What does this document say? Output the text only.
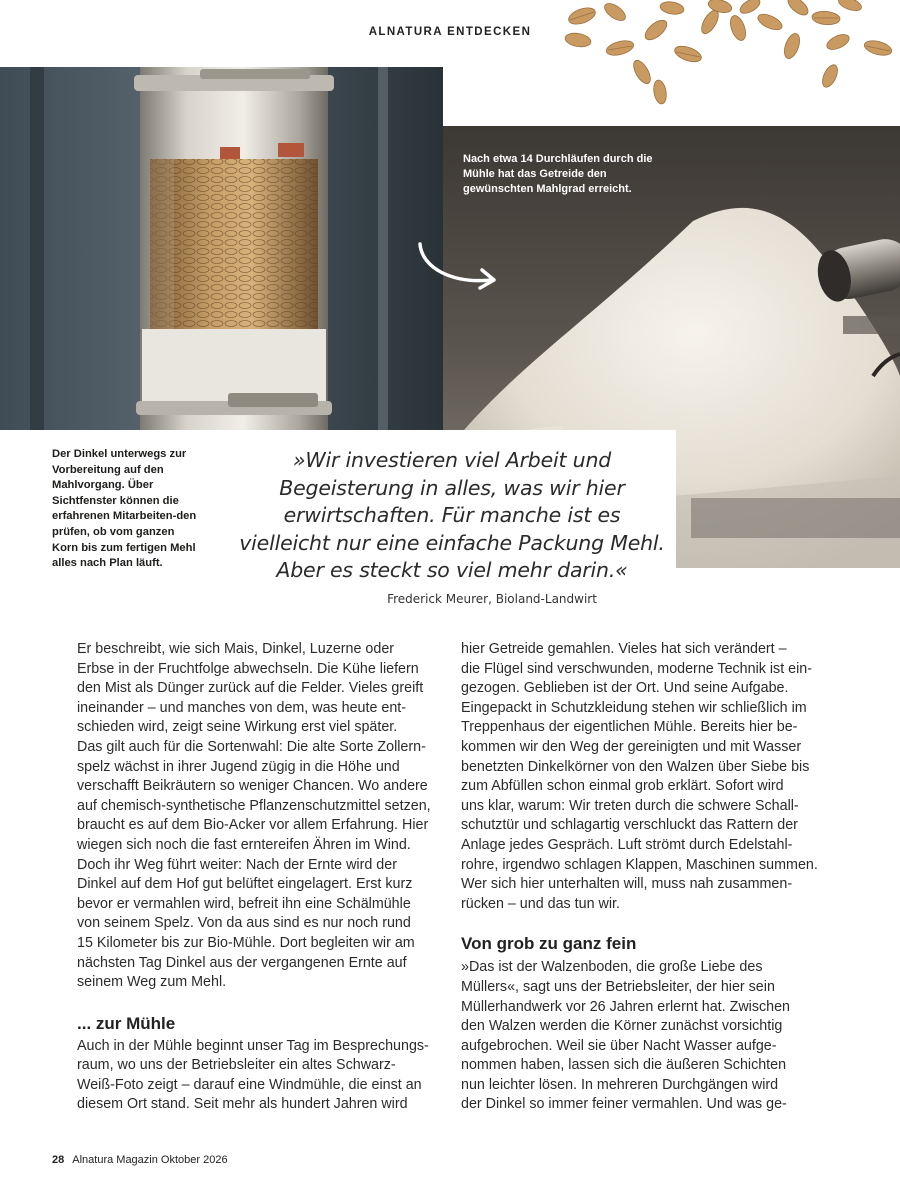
ALNATURA ENTDECKEN
Nach etwa 14 Durchläufen durch die Mühle hat das Getreide den gewünschten Mahlgrad erreicht.
Der Dinkel unterwegs zur Vorbereitung auf den Mahlvorgang. Über Sichtfenster können die erfahrenen Mitarbeiten-den prüfen, ob vom ganzen Korn bis zum fertigen Mehl alles nach Plan läuft.
»Wir investieren viel Arbeit und
Begeisterung in alles, was wir hier
erwirtschaften. Für manche ist es
vielleicht nur eine einfache Packung Mehl.
Aber es steckt so viel mehr darin.«
Frederick Meurer, Bioland-Landwirt

Er beschreibt, wie sich Mais, Dinkel, Luzerne oder

Erbse in der Fruchtfolge abwechseln. Die Kühe liefern

den Mist als Dünger zurück auf die Felder. Vieles greift

ineinander – und manches von dem, was heute ent-

schieden wird, zeigt seine Wirkung erst viel später.

Das gilt auch für die Sortenwahl: Die alte Sorte Zollern-

spelz wächst in ihrer Jugend zügig in die Höhe und

verschafft Beikräutern so weniger Chancen. Wo andere

auf chemisch-synthetische Pflanzenschutzmittel setzen,

braucht es auf dem Bio-Acker vor allem Erfahrung. Hier

wiegen sich noch die fast erntereifen Ähren im Wind.

Doch ihr Weg führt weiter: Nach der Ernte wird der

Dinkel auf dem Hof gut belüftet eingelagert. Erst kurz

bevor er vermahlen wird, befreit ihn eine Schälmühle

von seinem Spelz. Von da aus sind es nur noch rund

15 Kilometer bis zur Bio-Mühle. Dort begleiten wir am

nächsten Tag Dinkel aus der vergangenen Ernte auf

seinem Weg zum Mehl.

... zur Mühle

Auch in der Mühle beginnt unser Tag im Besprechungs-

raum, wo uns der Betriebsleiter ein altes Schwarz-

Weiß-Foto zeigt – darauf eine Windmühle, die einst an

diesem Ort stand. Seit mehr als hundert Jahren wird

hier Getreide gemahlen. Vieles hat sich verändert –

die Flügel sind verschwunden, moderne Technik ist ein-

gezogen. Geblieben ist der Ort. Und seine Aufgabe.

Eingepackt in Schutzkleidung stehen wir schließlich im

Treppenhaus der eigentlichen Mühle. Bereits hier be-

kommen wir den Weg der gereinigten und mit Wasser

benetzten Dinkelkörner von den Walzen über Siebe bis

zum Abfüllen schon einmal grob erklärt. Sofort wird

uns klar, warum: Wir treten durch die schwere Schall-

schutztür und schlagartig verschluckt das Rattern der

Anlage jedes Gespräch. Luft strömt durch Edelstahl-

rohre, irgendwo schlagen Klappen, Maschinen summen.

Wer sich hier unterhalten will, muss nah zusammen-

rücken – und das tun wir.

Von grob zu ganz fein

»Das ist der Walzenboden, die große Liebe des

Müllers«, sagt uns der Betriebsleiter, der hier sein

Müllerhandwerk vor 26 Jahren erlernt hat. Zwischen

den Walzen werden die Körner zunächst vorsichtig

aufgebrochen. Weil sie über Nacht Wasser aufge-

nommen haben, lassen sich die äußeren Schichten

nun leichter lösen. In mehreren Durchgängen wird

der Dinkel so immer feiner vermahlen. Und was ge-

28 Alnatura Magazin Oktober 2026
